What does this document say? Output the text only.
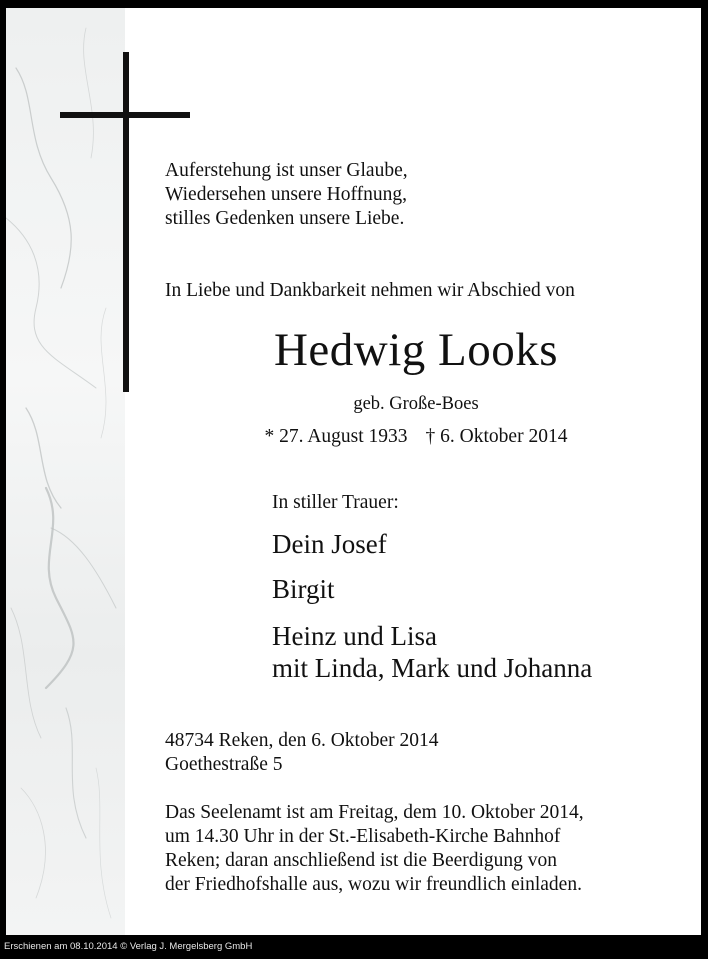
Auferstehung ist unser Glaube,
Wiedersehen unsere Hoffnung,
stilles Gedenken unsere Liebe.

In Liebe und Dankbarkeit nehmen wir Abschied von

Hedwig Looks

geb. Große-Boes

* 27. August 1933 † 6. Oktober 2014

In stiller Trauer:

Dein Josef

Birgit

Heinz und Lisa

mit Linda, Mark und Johanna

48734 Reken, den 6. Oktober 2014
Goethestraße 5
Das Seelenamt ist am Freitag, dem 10. Oktober 2014,
um 14.30 Uhr in der St.-Elisabeth-Kirche Bahnhof
Reken; daran anschließend ist die Beerdigung von
der Friedhofshalle aus, wozu wir freundlich einladen.
Erschienen am 08.10.2014 © Verlag J. Mergelsberg GmbH
